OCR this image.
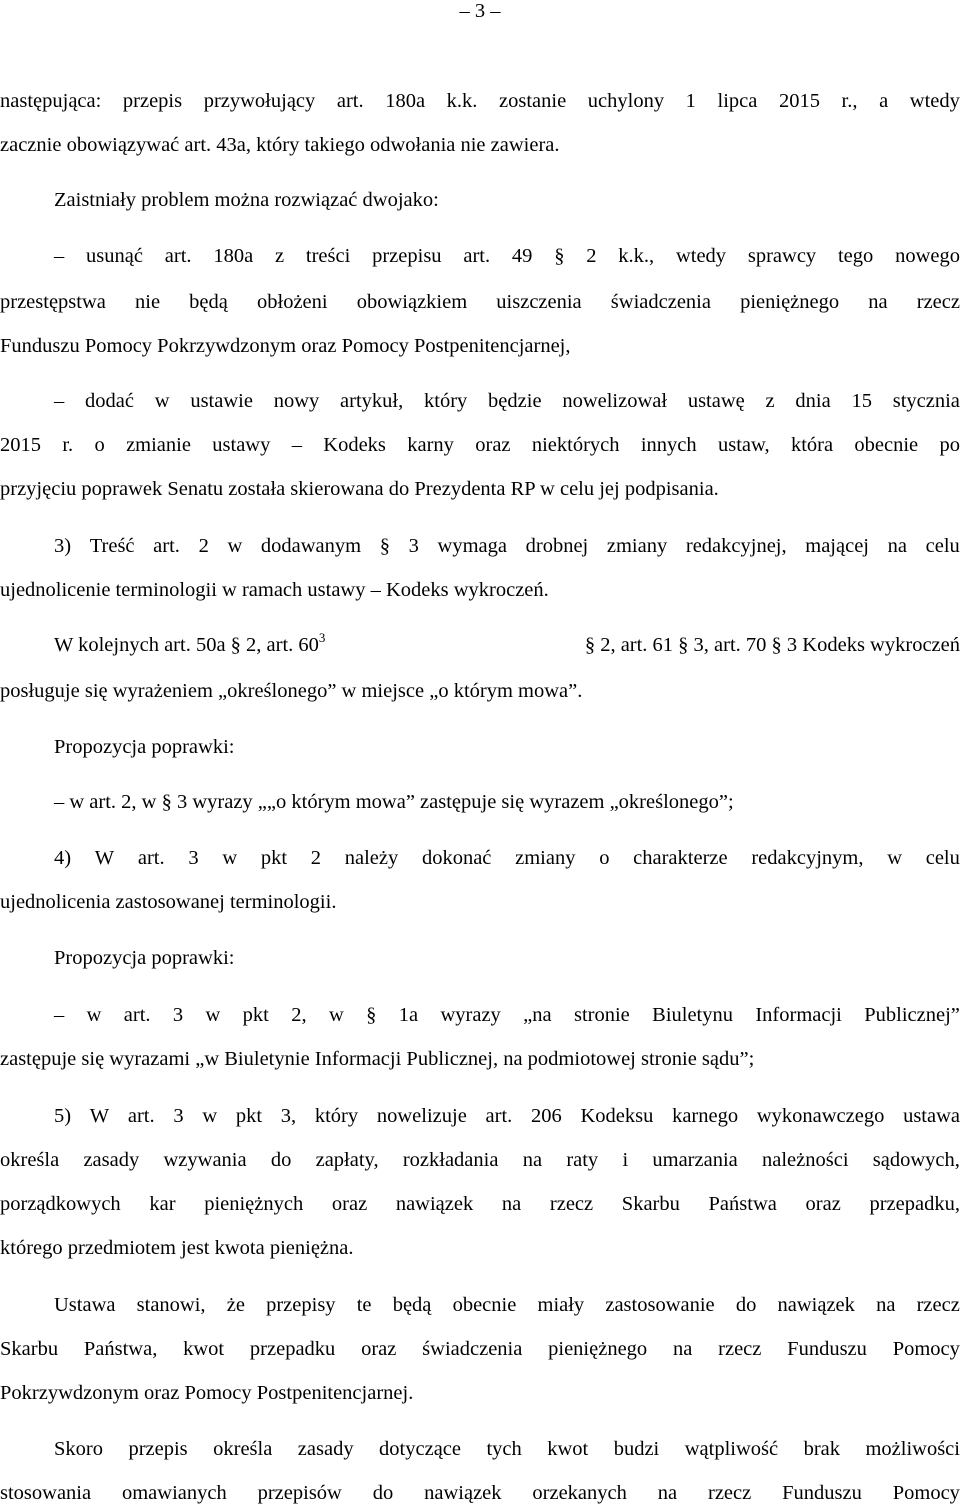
– 3 –
następująca: przepis przywołujący art. 180a k.k. zostanie uchylony 1 lipca 2015 r., a wtedy
zacznie obowiązywać art. 43a, który takiego odwołania nie zawiera.
Zaistniały problem można rozwiązać dwojako:
– usunąć art. 180a z treści przepisu art. 49 § 2 k.k., wtedy sprawcy tego nowego
przestępstwa nie będą obłożeni obowiązkiem uiszczenia świadczenia pieniężnego na rzecz
Funduszu Pomocy Pokrzywdzonym oraz Pomocy Postpenitencjarnej,
– dodać w ustawie nowy artykuł, który będzie nowelizował ustawę z dnia 15 stycznia
2015 r. o zmianie ustawy – Kodeks karny oraz niektórych innych ustaw, która obecnie po
przyjęciu poprawek Senatu została skierowana do Prezydenta RP w celu jej podpisania.
3) Treść art. 2 w dodawanym § 3 wymaga drobnej zmiany redakcyjnej, mającej na celu
ujednolicenie terminologii w ramach ustawy – Kodeks wykroczeń.
W kolejnych art. 50a § 2, art. $60^3$	§ 2, art. 61 § 3, art. 70 § 3 Kodeks wykroczeń
posługuje się wyrażeniem „określonego” w miejsce „o którym mowa”.
Propozycja poprawki:
– w art. 2, w § 3 wyrazy „„o którym mowa” zastępuje się wyrazem „określonego”;
4) W art. 3 w pkt 2 należy dokonać zmiany o charakterze redakcyjnym, w celu
ujednolicenia zastosowanej terminologii.
Propozycja poprawki:
– w art. 3 w pkt 2, w § 1a wyrazy „na stronie Biuletynu Informacji Publicznej”
zastępuje się wyrazami „w Biuletynie Informacji Publicznej, na podmiotowej stronie sądu”;
5) W art. 3 w pkt 3, który nowelizuje art. 206 Kodeksu karnego wykonawczego ustawa
określa zasady wzywania do zapłaty, rozkładania na raty i umarzania należności sądowych,
porządkowych kar pieniężnych oraz nawiązek na rzecz Skarbu Państwa oraz przepadku,
którego przedmiotem jest kwota pieniężna.
Ustawa stanowi, że przepisy te będą obecnie miały zastosowanie do nawiązek na rzecz
Skarbu Państwa, kwot przepadku oraz świadczenia pieniężnego na rzecz Funduszu Pomocy
Pokrzywdzonym oraz Pomocy Postpenitencjarnej.
Skoro przepis określa zasady dotyczące tych kwot budzi wątpliwość brak możliwości
stosowania omawianych przepisów do nawiązek orzekanych na rzecz Funduszu Pomocy
